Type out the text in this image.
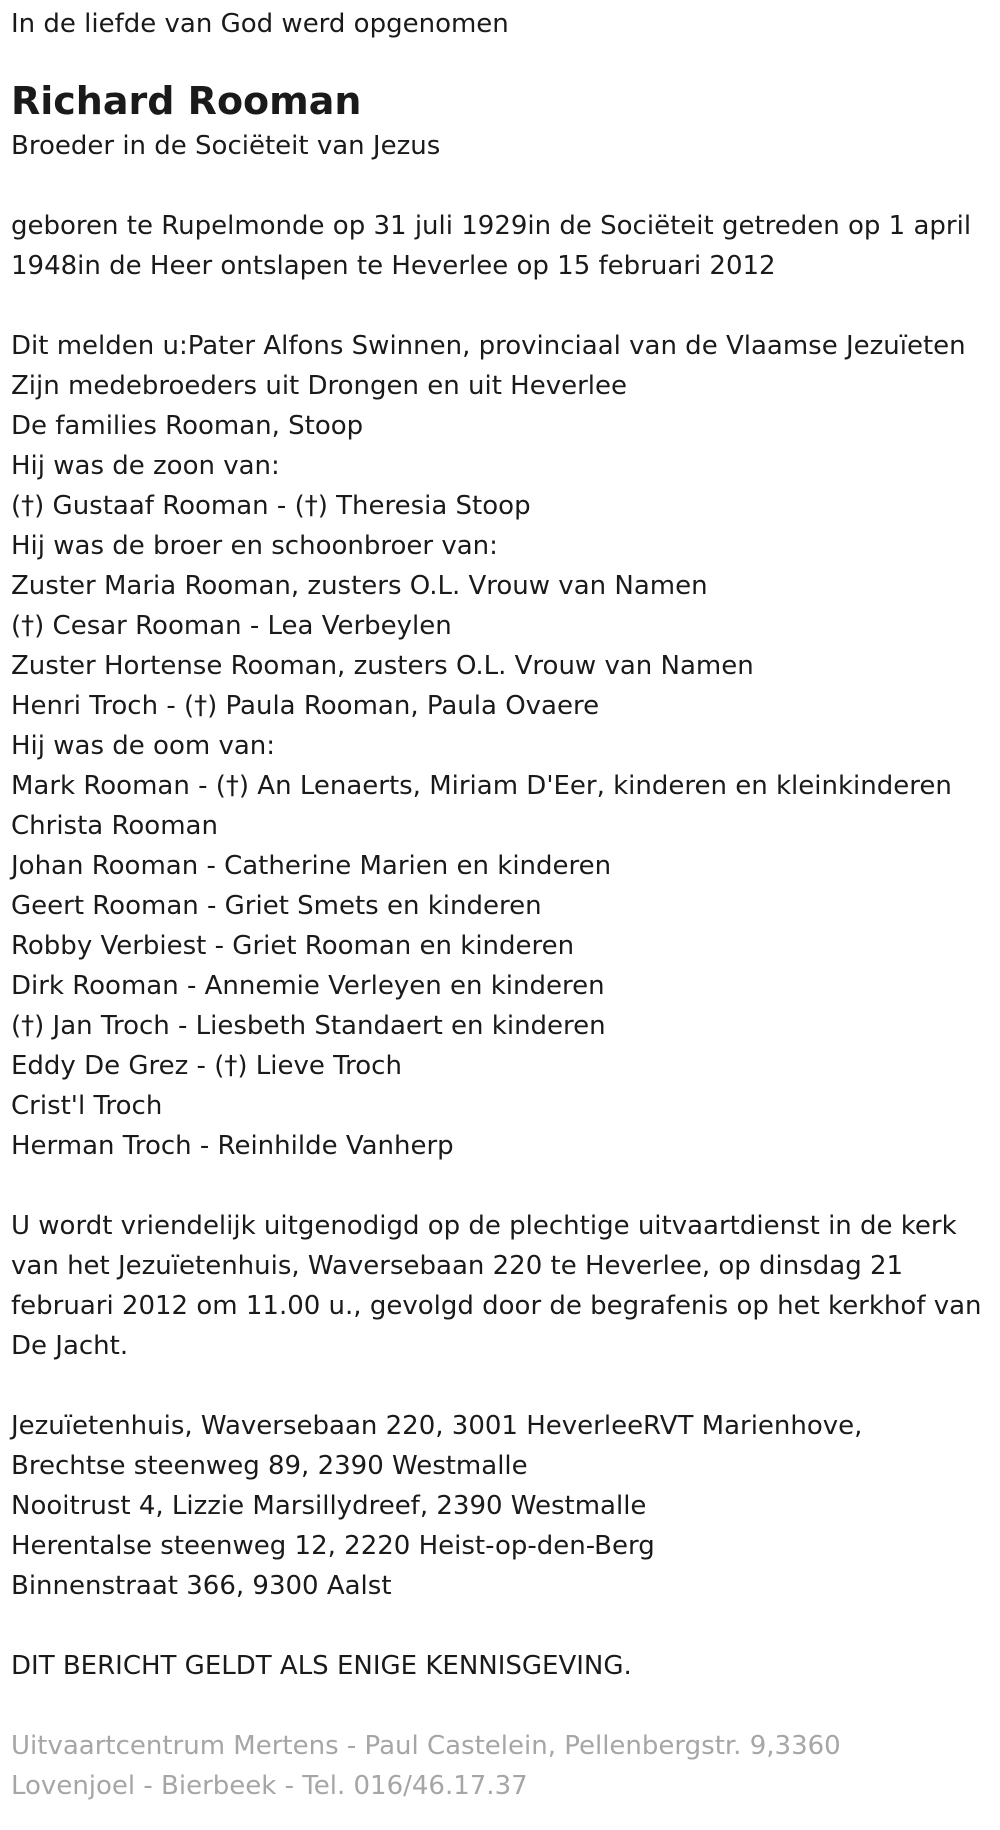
In de liefde van God werd opgenomen

Richard Rooman

Broeder in de Sociëteit van Jezus

geboren te Rupelmonde op 31 juli 1929in de Sociëteit getreden op 1 april

1948in de Heer ontslapen te Heverlee op 15 februari 2012

Dit melden u:Pater Alfons Swinnen, provinciaal van de Vlaamse Jezuïeten

Zijn medebroeders uit Drongen en uit Heverlee

De families Rooman, Stoop

Hij was de zoon van:

(†) Gustaaf Rooman - (†) Theresia Stoop

Hij was de broer en schoonbroer van:

Zuster Maria Rooman, zusters O.L. Vrouw van Namen

(†) Cesar Rooman - Lea Verbeylen

Zuster Hortense Rooman, zusters O.L. Vrouw van Namen

Henri Troch - (†) Paula Rooman, Paula Ovaere

Hij was de oom van:

Mark Rooman - (†) An Lenaerts, Miriam D'Eer, kinderen en kleinkinderen

Christa Rooman

Johan Rooman - Catherine Marien en kinderen

Geert Rooman - Griet Smets en kinderen

Robby Verbiest - Griet Rooman en kinderen

Dirk Rooman - Annemie Verleyen en kinderen

(†) Jan Troch - Liesbeth Standaert en kinderen

Eddy De Grez - (†) Lieve Troch

Crist'l Troch

Herman Troch - Reinhilde Vanherp

U wordt vriendelijk uitgenodigd op de plechtige uitvaartdienst in de kerk

van het Jezuïetenhuis, Waversebaan 220 te Heverlee, op dinsdag 21

februari 2012 om 11.00 u., gevolgd door de begrafenis op het kerkhof van

De Jacht.

Jezuïetenhuis, Waversebaan 220, 3001 HeverleeRVT Marienhove,

Brechtse steenweg 89, 2390 Westmalle

Nooitrust 4, Lizzie Marsillydreef, 2390 Westmalle

Herentalse steenweg 12, 2220 Heist-op-den-Berg

Binnenstraat 366, 9300 Aalst

DIT BERICHT GELDT ALS ENIGE KENNISGEVING.

Uitvaartcentrum Mertens - Paul Castelein, Pellenbergstr. 9,3360

Lovenjoel - Bierbeek - Tel. 016/46.17.37
